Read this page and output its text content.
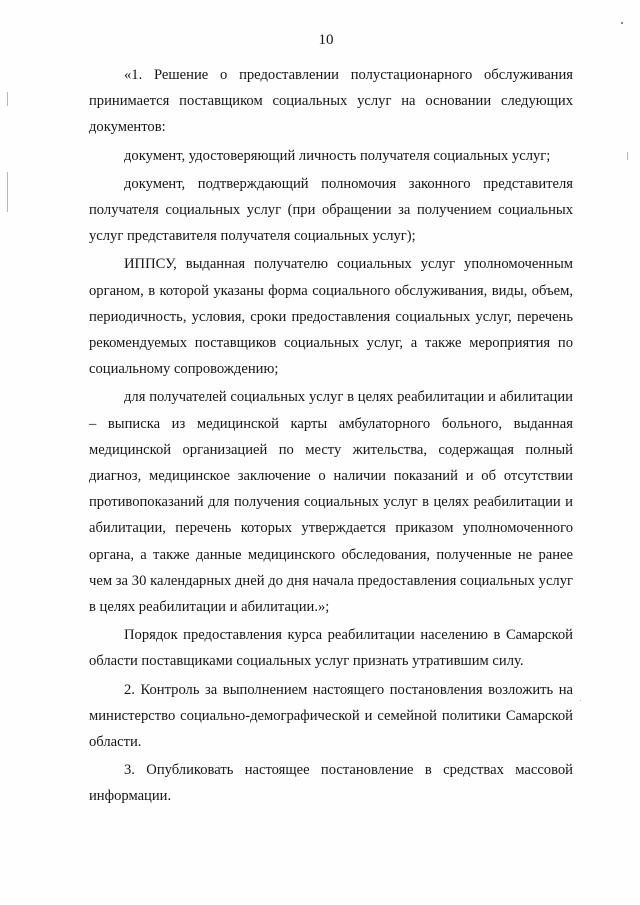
10

«1. Решение о предоставлении полустационарного обслуживания принимается поставщиком социальных услуг на основании следующих документов:

документ, удостоверяющий личность получателя социальных услуг;

документ, подтверждающий полномочия законного представителя получателя социальных услуг (при обращении за получением социальных услуг представителя получателя социальных услуг);

ИППСУ, выданная получателю социальных услуг уполномоченным органом, в которой указаны форма социального обслуживания, виды, объем, периодичность, условия, сроки предоставления социальных услуг, перечень рекомендуемых поставщиков социальных услуг, а также мероприятия по социальному сопровождению;

для получателей социальных услуг в целях реабилитации и абилитации – выписка из медицинской карты амбулаторного больного, выданная медицинской организацией по месту жительства, содержащая полный диагноз, медицинское заключение о наличии показаний и об отсутствии противопоказаний для получения социальных услуг в целях реабилитации и абилитации, перечень которых утверждается приказом уполномоченного органа, а также данные медицинского обследования, полученные не ранее чем за 30 календарных дней до дня начала предоставления социальных услуг в целях реабилитации и абилитации.»;

Порядок предоставления курса реабилитации населению в Самарской области поставщиками социальных услуг признать утратившим силу.

2. Контроль за выполнением настоящего постановления возложить на министерство социально-демографической и семейной политики Самарской области.

3. Опубликовать настоящее постановление в средствах массовой информации.
